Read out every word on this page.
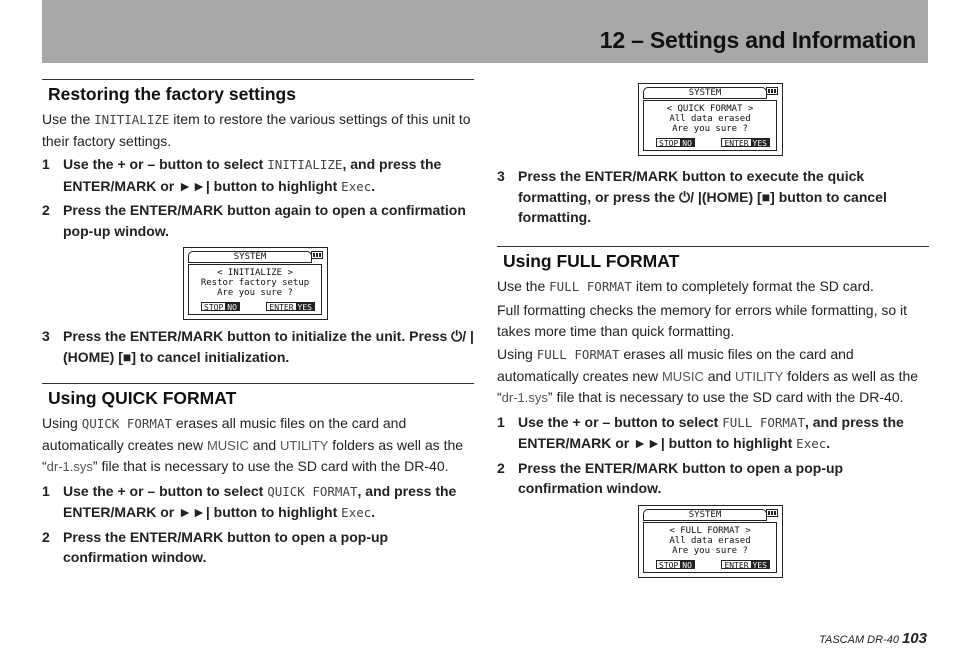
12 – Settings and Information
Restoring the factory settings

Use the INITIALIZE item to restore the various settings of this unit to their factory settings.

1 Use the + or – button to select INITIALIZE, and press the ENTER/MARK or ►►| button to highlight Exec.
2 Press the ENTER/MARK button again to open a confirmation pop-up window.
SYSTEM
< INITIALIZE >
Restor factory setup
Are you sure ?
STOP NO	ENTER YES
3 Press the ENTER/MARK button to initialize the unit. Press ⏻/ |(HOME) [■] to cancel initialization.
Using QUICK FORMAT

Using QUICK FORMAT erases all music files on the card and automatically creates new MUSIC and UTILITY folders as well as the “dr-1.sys” file that is necessary to use the SD card with the DR-40.

1 Use the + or – button to select QUICK FORMAT, and press the ENTER/MARK or ►►| button to highlight Exec.
2 Press the ENTER/MARK button to open a pop-up confirmation window.
SYSTEM
< QUICK FORMAT >
All data erased
Are you sure ?
STOP NO	ENTER YES
3 Press the ENTER/MARK button to execute the quick formatting, or press the ⏻/ |(HOME) [■] button to cancel formatting.
Using FULL FORMAT

Use the FULL FORMAT item to completely format the SD card.

Full formatting checks the memory for errors while formatting, so it takes more time than quick formatting.

Using FULL FORMAT erases all music files on the card and automatically creates new MUSIC and UTILITY folders as well as the “dr-1.sys” file that is necessary to use the SD card with the DR-40.

1 Use the + or – button to select FULL FORMAT, and press the ENTER/MARK or ►►| button to highlight Exec.
2 Press the ENTER/MARK button to open a pop-up confirmation window.
SYSTEM
< FULL FORMAT >
All data erased
Are you sure ?
STOP NO	ENTER YES
TASCAM DR-40 103
